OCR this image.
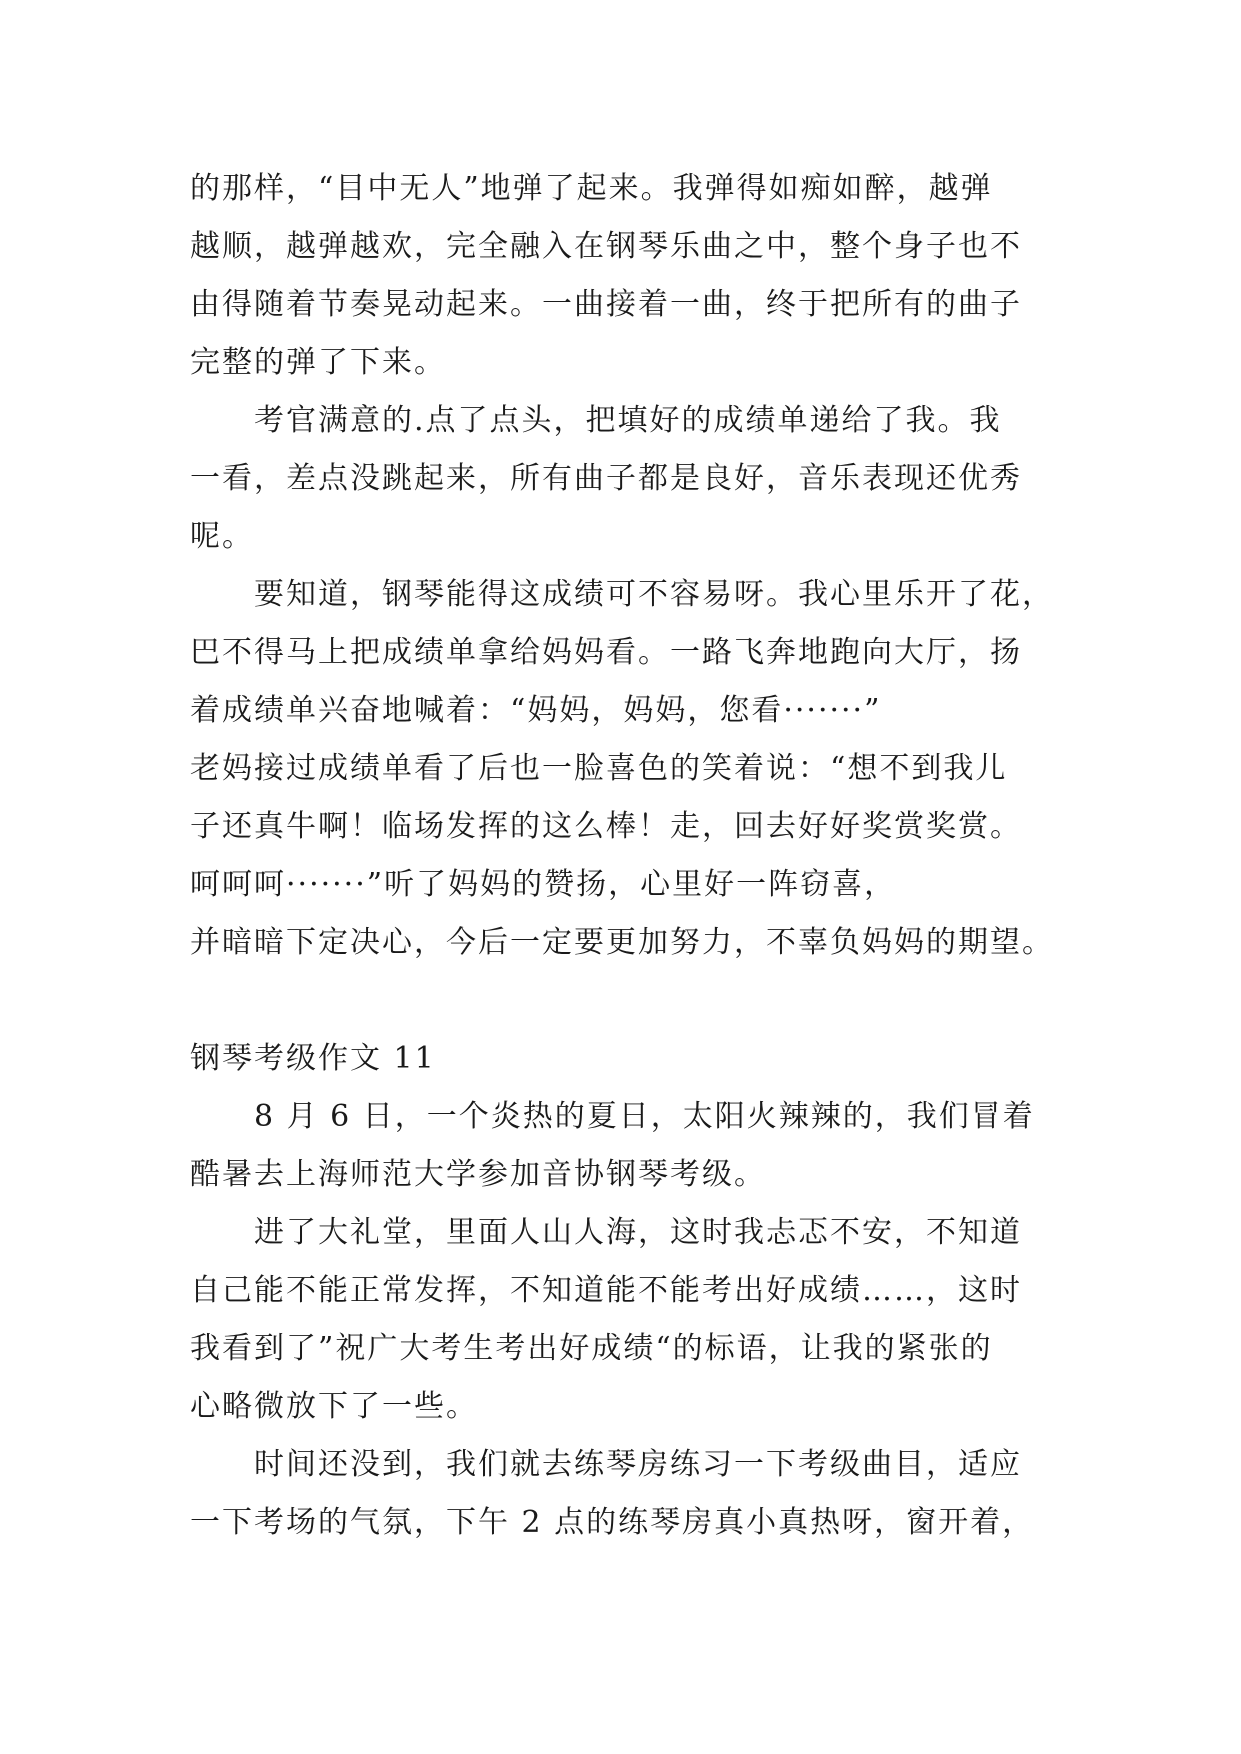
的那样，“目中无人”地弹了起来。我弹得如痴如醉，越弹
越顺，越弹越欢，完全融入在钢琴乐曲之中，整个身子也不
由得随着节奏晃动起来。一曲接着一曲，终于把所有的曲子
完整的弹了下来。
考官满意的.点了点头，把填好的成绩单递给了我。我
一看，差点没跳起来，所有曲子都是良好，音乐表现还优秀
呢。
要知道，钢琴能得这成绩可不容易呀。我心里乐开了花，
巴不得马上把成绩单拿给妈妈看。一路飞奔地跑向大厅，扬
着成绩单兴奋地喊着：“妈妈，妈妈，您看·······”
老妈接过成绩单看了后也一脸喜色的笑着说：“想不到我儿
子还真牛啊！临场发挥的这么棒！走，回去好好奖赏奖赏。
呵呵呵·······”听了妈妈的赞扬，心里好一阵窃喜，
并暗暗下定决心，今后一定要更加努力，不辜负妈妈的期望。
钢琴考级作文 11
8 月 6 日，一个炎热的夏日，太阳火辣辣的，我们冒着
酷暑去上海师范大学参加音协钢琴考级。
进了大礼堂，里面人山人海，这时我忐忑不安，不知道
自己能不能正常发挥，不知道能不能考出好成绩……，这时
我看到了”祝广大考生考出好成绩“的标语，让我的紧张的
心略微放下了一些。
时间还没到，我们就去练琴房练习一下考级曲目，适应
一下考场的气氛，下午 2 点的练琴房真小真热呀，窗开着，
